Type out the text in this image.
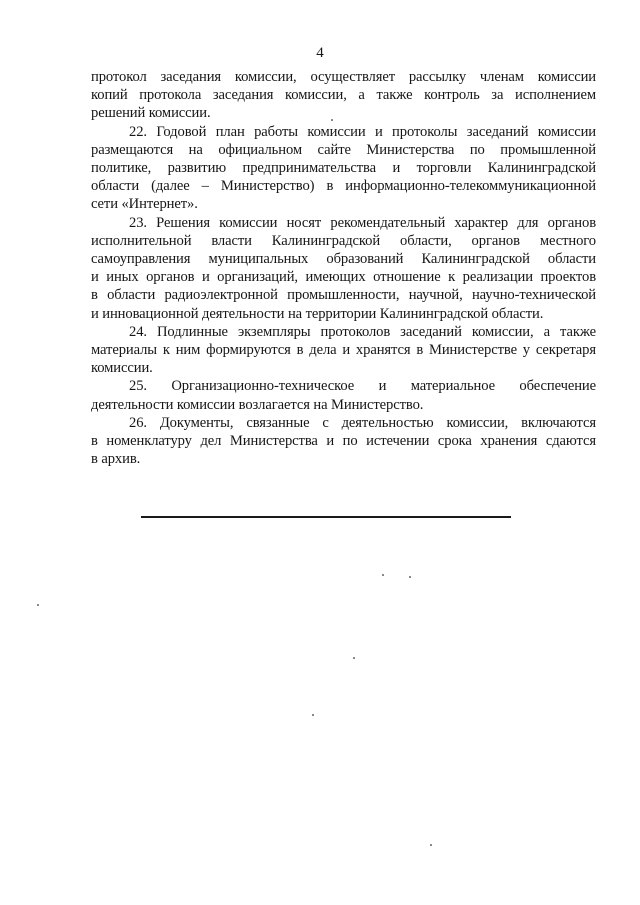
4

протокол заседания комиссии, осуществляет рассылку членам комиссии
копий протокола заседания комиссии, а также контроль за исполнением
решений комиссии.

22. Годовой план работы комиссии и протоколы заседаний комиссии
размещаются на официальном сайте Министерства по промышленной
политике, развитию предпринимательства и торговли Калининградской
области (далее – Министерство) в информационно-телекоммуникационной
сети «Интернет».

23. Решения комиссии носят рекомендательный характер для органов
исполнительной власти Калининградской области, органов местного
самоуправления муниципальных образований Калининградской области
и иных органов и организаций, имеющих отношение к реализации проектов
в области радиоэлектронной промышленности, научной, научно-технической
и инновационной деятельности на территории Калининградской области.

24. Подлинные экземпляры протоколов заседаний комиссии, а также
материалы к ним формируются в дела и хранятся в Министерстве у секретаря
комиссии.

25. Организационно-техническое и материальное обеспечение
деятельности комиссии возлагается на Министерство.

26. Документы, связанные с деятельностью комиссии, включаются
в номенклатуру дел Министерства и по истечении срока хранения сдаются
в архив.
